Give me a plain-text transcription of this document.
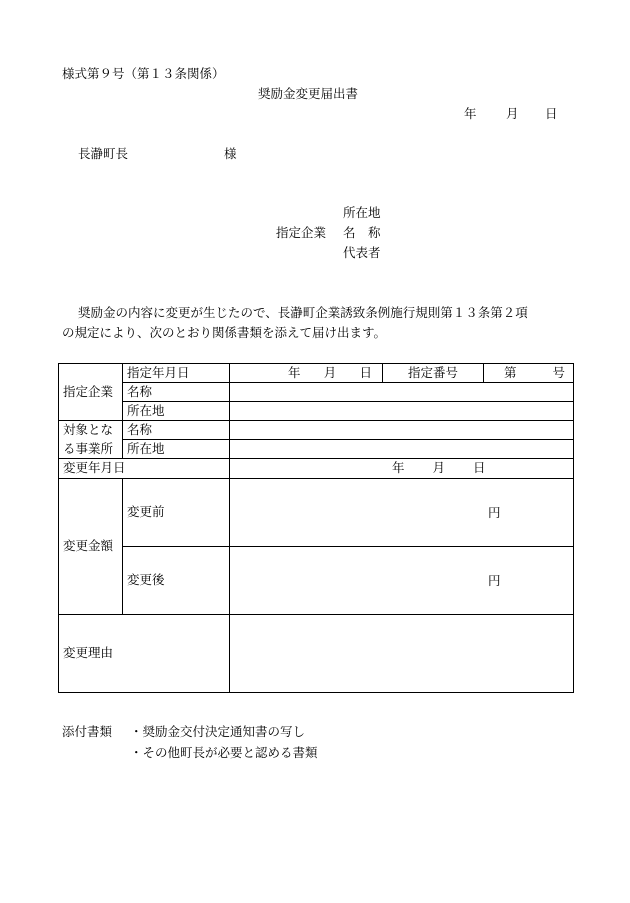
様式第９号（第１３条関係）
奨励金変更届出書
年 月 日
長瀞町長	様
所在地
指定企業 名　称
代表者
奨励金の内容に変更が生じたので、長瀞町企業誘致条例施行規則第１３条第２項
の規定により、次のとおり関係書類を添えて届け出ます。
指定企業	指定年月日	年 月 日	指定番号	第 号

	名称			
	所在地			
対象とな	名称			
る事業所	所在地			
変更年月日		年 月 日		

変更金額	変更前	円		

	変更後	円		

変更理由				
添付書類 ・奨励金交付決定通知書の写し
・その他町長が必要と認める書類
